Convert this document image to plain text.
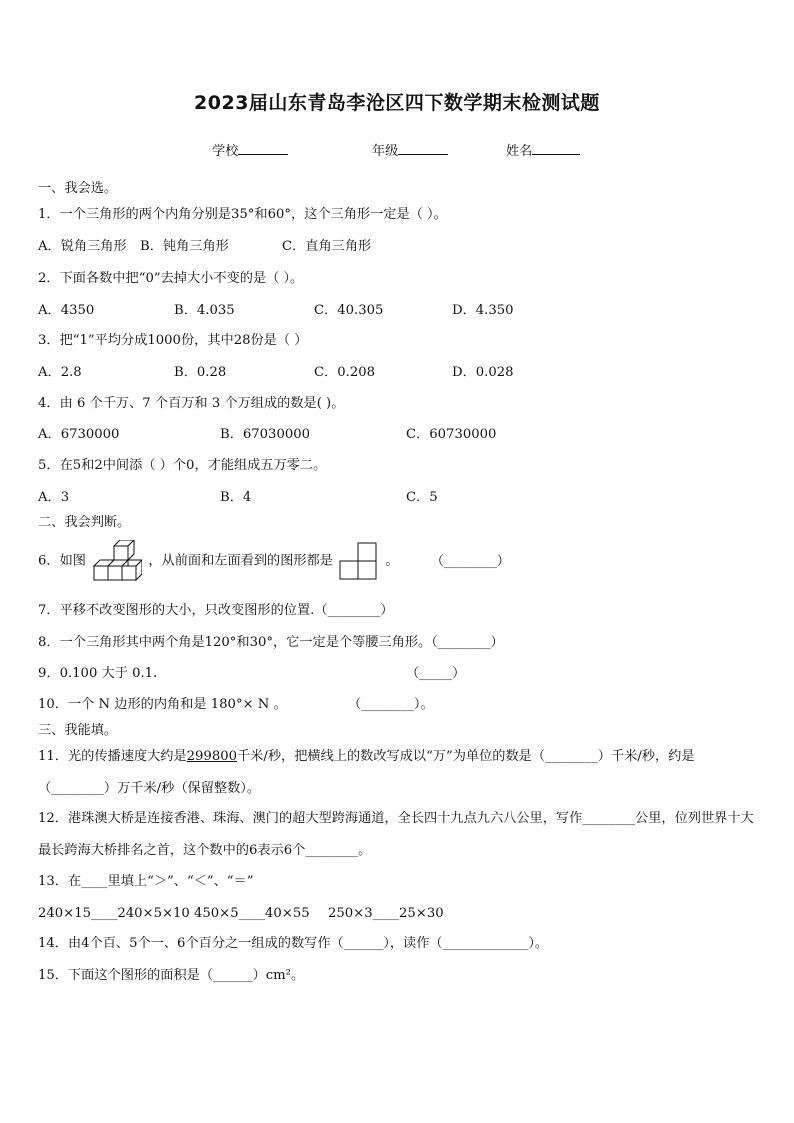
2023届山东青岛李沧区四下数学期末检测试题
学校	年级	姓名
一、我会选。
1．一个三角形的两个内角分别是35°和60°，这个三角形一定是（ ）。
A．锐角三角形 B．钝角三角形	C．直角三角形
2．下面各数中把“0”去掉大小不变的是（ ）。
A．4350	B．4.035	C．40.305	D．4.350
3．把“1”平均分成1000份，其中28份是（ ）
A．2.8	B．0.28	C．0.208	D．0.028
4．由 6 个千万、7 个百万和 3 个万组成的数是( )。
A．6730000	B．67030000	C．60730000
5．在5和2中间添（ ）个0，才能组成五万零二。
A．3	B．4	C．5
二、我会判断。
6．如图	，从前面和左面看到的图形都是	。 （________）
7．平移不改变图形的大小，只改变图形的位置.（________）
8．一个三角形其中两个角是120°和30°，它一定是个等腰三角形。（________）
9．0.100 大于 0.1.	（_____）
10．一个 N 边形的内角和是 180°× N 。	（________）。
三、我能填。
11．光的传播速度大约是299800千米/秒，把横线上的数改写成以“万”为单位的数是（________）千米/秒，约是（________）万千米/秒（保留整数）。
12．港珠澳大桥是连接香港、珠海、澳门的超大型跨海通道，全长四十九点九六八公里，写作________公里，位列世界十大最长跨海大桥排名之首，这个数中的6表示6个________。
13．在____里填上“＞”、“＜”、“＝”
240×15____240×5×10 450×5____40×55 250×3____25×30
14．由4个百、5个一、6个百分之一组成的数写作（______），读作（_____________）。
15．下面这个图形的面积是（______）cm²。
